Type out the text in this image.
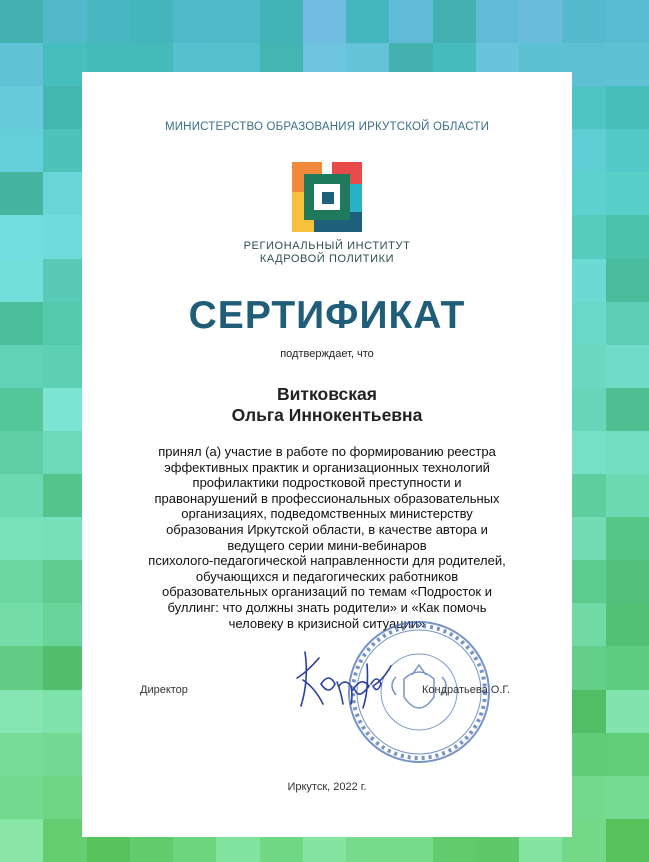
МИНИСТЕРСТВО ОБРАЗОВАНИЯ ИРКУТСКОЙ ОБЛАСТИ
РЕГИОНАЛЬНЫЙ ИНСТИТУТ
КАДРОВОЙ ПОЛИТИКИ
СЕРТИФИКАТ
подтверждает, что
Витковская
Ольга Иннокентьевна
принял (а) участие в работе по формированию реестра
эффективных практик и организационных технологий
профилактики подростковой преступности и
правонарушений в профессиональных образовательных
организациях, подведомственных министерству
образования Иркутской области, в качестве автора и
ведущего серии мини-вебинаров
психолого-педагогической направленности для родителей,
обучающихся и педагогических работников
образовательных организаций по темам «Подросток и
буллинг: что должны знать родители» и «Как помочь
человеку в кризисной ситуации»
Конд
Директор	Кондратьева О.Г.
Иркутск, 2022 г.
